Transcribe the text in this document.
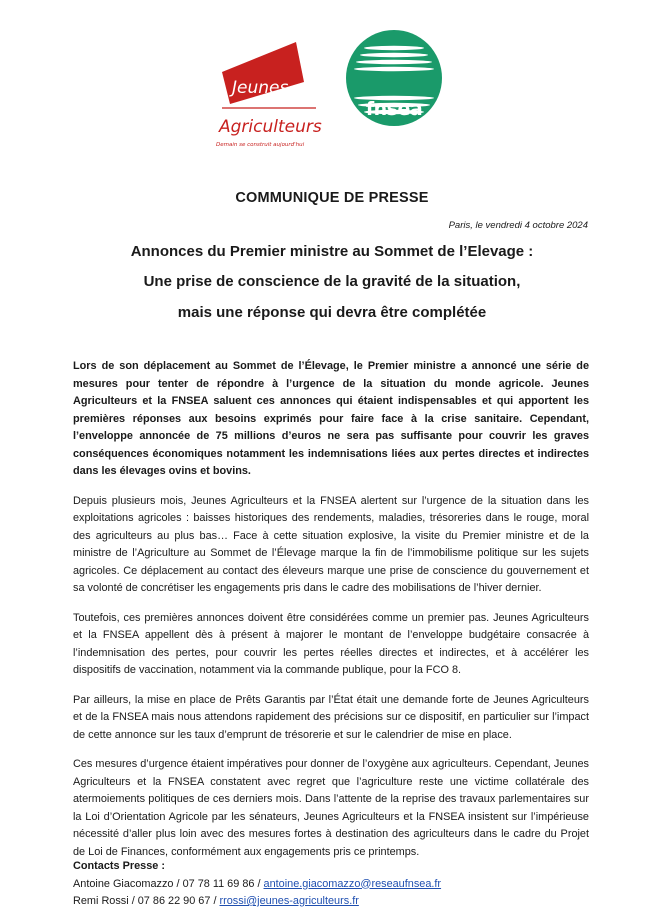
Jeunes
Agriculteurs
Demain se construit aujourd'hui
fnsea
COMMUNIQUE DE PRESSE
Paris, le vendredi 4 octobre 2024
Annonces du Premier ministre au Sommet de l’Elevage :
Une prise de conscience de la gravité de la situation,
mais une réponse qui devra être complétée

Lors de son déplacement au Sommet de l’Élevage, le Premier ministre a annoncé une série de mesures pour tenter de répondre à l’urgence de la situation du monde agricole. Jeunes Agriculteurs et la FNSEA saluent ces annonces qui étaient indispensables et qui apportent les premières réponses aux besoins exprimés pour faire face à la crise sanitaire. Cependant, l’enveloppe annoncée de 75 millions d’euros ne sera pas suffisante pour couvrir les graves conséquences économiques notamment les indemnisations liées aux pertes directes et indirectes dans les élevages ovins et bovins.

Depuis plusieurs mois, Jeunes Agriculteurs et la FNSEA alertent sur l’urgence de la situation dans les exploitations agricoles : baisses historiques des rendements, maladies, trésoreries dans le rouge, moral des agriculteurs au plus bas… Face à cette situation explosive, la visite du Premier ministre et de la ministre de l’Agriculture au Sommet de l’Élevage marque la fin de l’immobilisme politique sur les sujets agricoles. Ce déplacement au contact des éleveurs marque une prise de conscience du gouvernement et sa volonté de concrétiser les engagements pris dans le cadre des mobilisations de l’hiver dernier.

Toutefois, ces premières annonces doivent être considérées comme un premier pas. Jeunes Agriculteurs et la FNSEA appellent dès à présent à majorer le montant de l’enveloppe budgétaire consacrée à l’indemnisation des pertes, pour couvrir les pertes réelles directes et indirectes, et à accélérer les dispositifs de vaccination, notamment via la commande publique, pour la FCO 8.

Par ailleurs, la mise en place de Prêts Garantis par l’État était une demande forte de Jeunes Agriculteurs et de la FNSEA mais nous attendons rapidement des précisions sur ce dispositif, en particulier sur l’impact de cette annonce sur les taux d’emprunt de trésorerie et sur le calendrier de mise en place.

Ces mesures d’urgence étaient impératives pour donner de l’oxygène aux agriculteurs. Cependant, Jeunes Agriculteurs et la FNSEA constatent avec regret que l’agriculture reste une victime collatérale des atermoiements politiques de ces derniers mois. Dans l’attente de la reprise des travaux parlementaires sur la Loi d’Orientation Agricole par les sénateurs, Jeunes Agriculteurs et la FNSEA insistent sur l’impérieuse nécessité d’aller plus loin avec des mesures fortes à destination des agriculteurs dans le cadre du Projet de Loi de Finances, conformément aux engagements pris ce printemps.

Contacts Presse :
Antoine Giacomazzo / 07 78 11 69 86 / antoine.giacomazzo@reseaufnsea.fr
Remi Rossi / 07 86 22 90 67 / rrossi@jeunes-agriculteurs.fr
